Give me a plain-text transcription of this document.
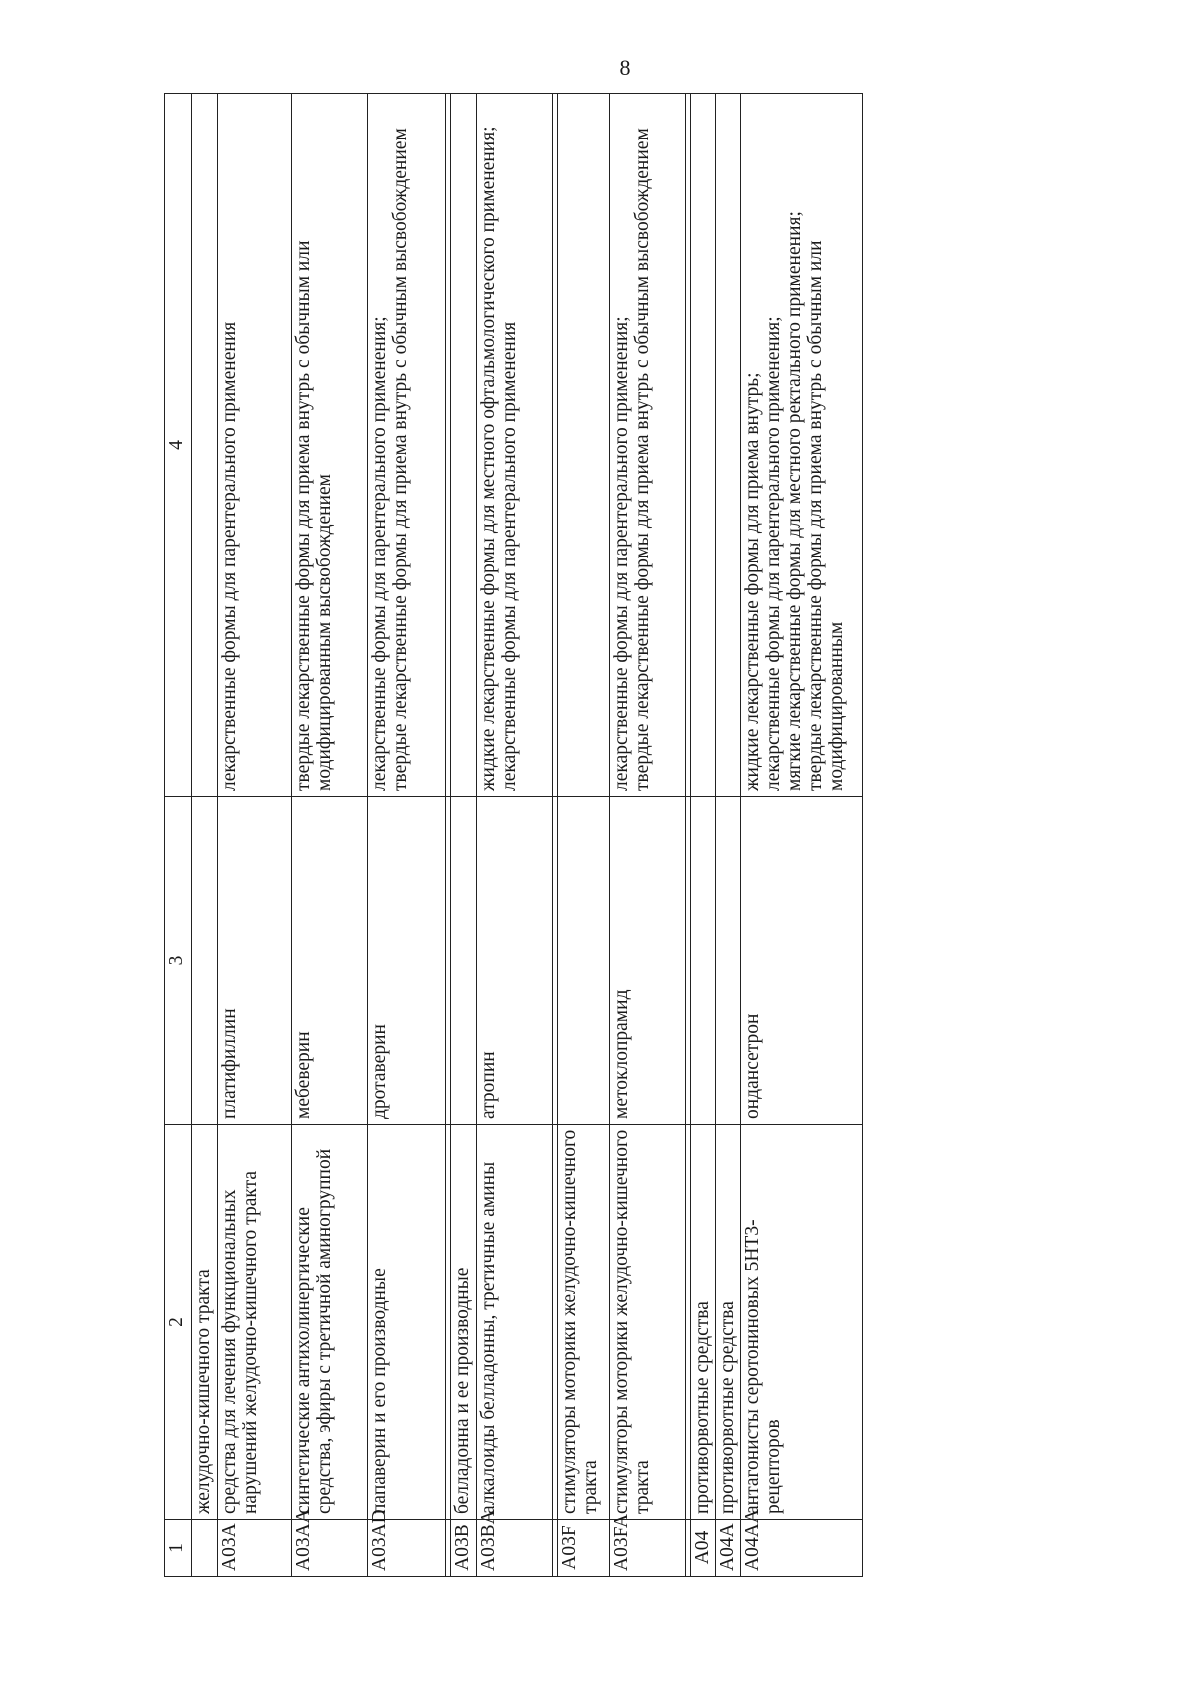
8
1	2	3	4
	желудочно-кишечного тракта		
A03A	средства для лечения функциональных нарушений желудочно-кишечного тракта	платифиллин	лекарственные формы для парентерального применения
A03AA	синтетические антихолинергические средства, эфиры с третичной аминогруппой	мебеверин	твердые лекарственные формы для приема внутрь с обычным или модифицированным высвобождением
A03AD	папаверин и его производные	дротаверин	лекарственные формы для парентерального применения;
твердые лекарственные формы для приема внутрь с обычным высвобождением

A03B	белладонна и ее производные		
A03BA	алкалоиды белладонны, третичные амины	атропин	жидкие лекарственные формы для местного офтальмологического применения;
лекарственные формы для парентерального применения

A03F	стимуляторы моторики желудочно-кишечного тракта		
A03FA	стимуляторы моторики желудочно-кишечного тракта	метоклопрамид	лекарственные формы для парентерального применения;
твердые лекарственные формы для приема внутрь с обычным высвобождением

A04	противорвотные средства		
A04A	противорвотные средства		
A04AA	антагонисты серотониновых 5HT3-рецепторов	ондансетрон	жидкие лекарственные формы для приема внутрь;
лекарственные формы для парентерального применения;
мягкие лекарственные формы для местного ректального применения;
твердые лекарственные формы для приема внутрь с обычным или модифицированным
